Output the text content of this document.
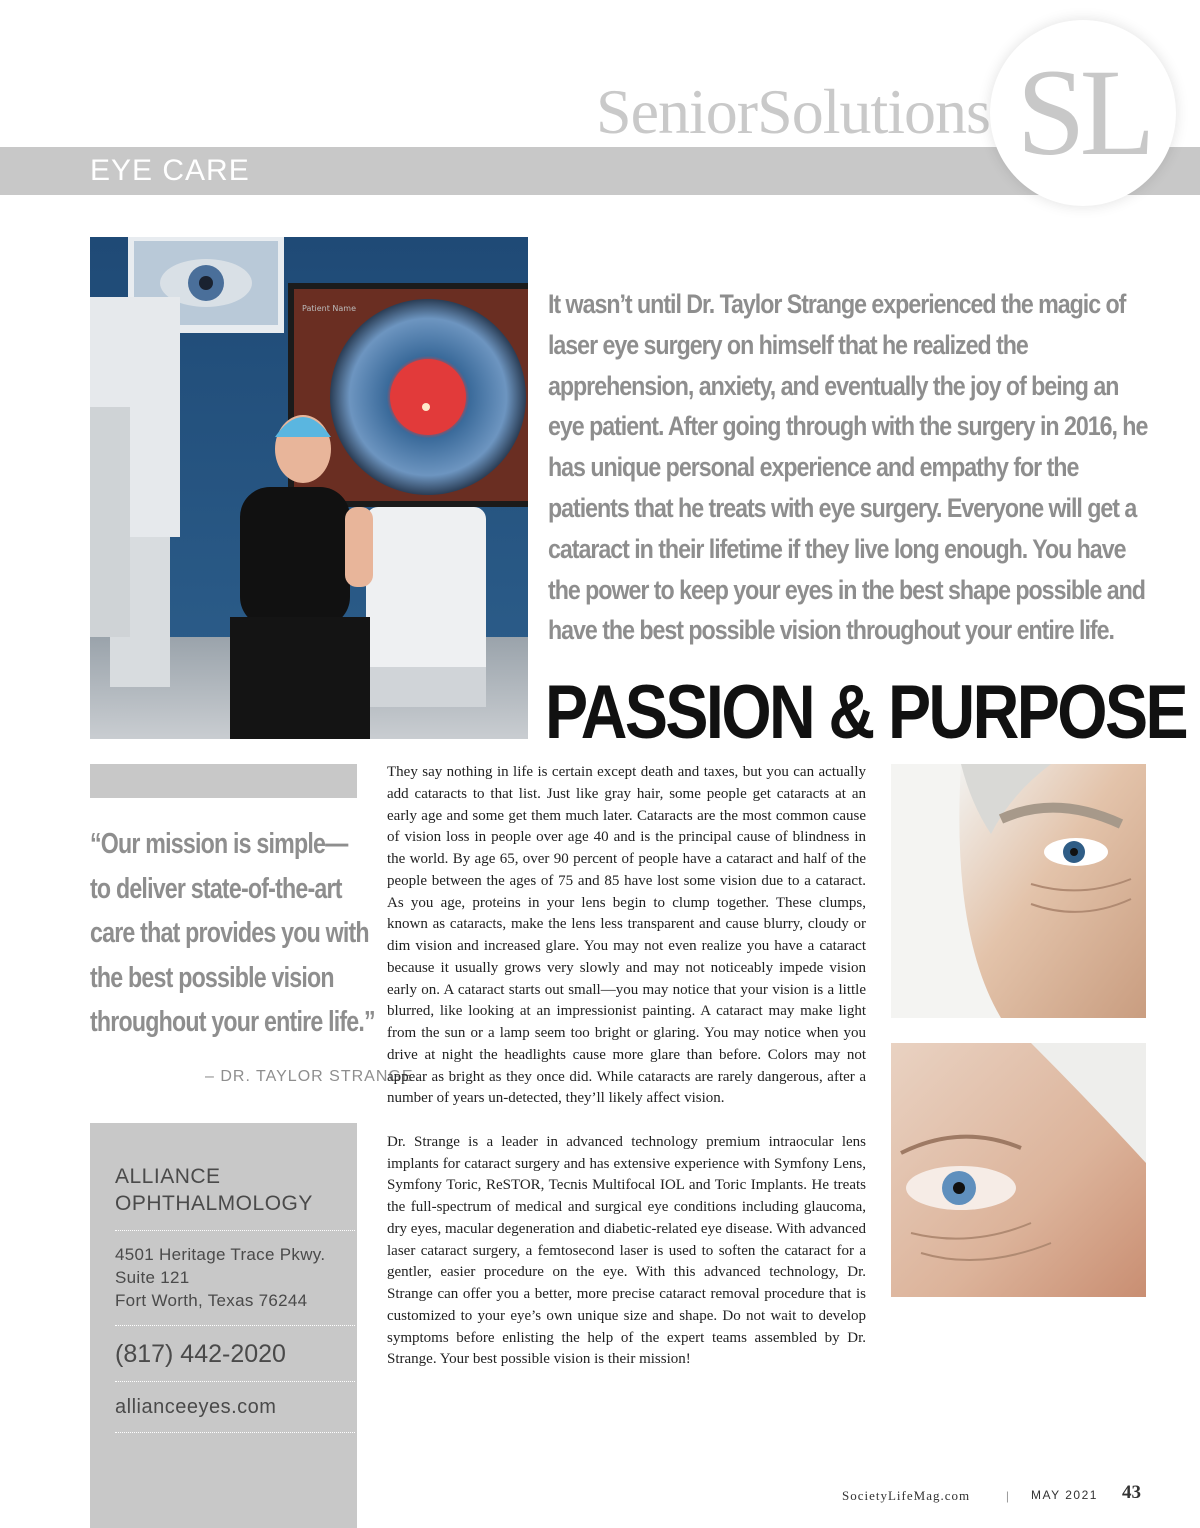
SeniorSolutions
EYE CARE	SL
Patient Name	It wasn’t until Dr. Taylor Strange experienced the magic of laser eye surgery on himself that he realized the apprehension, anxiety, and eventually the joy of being an eye patient. After going through with the surgery in 2016, he has unique personal experience and empathy for the patients that he treats with eye surgery. Everyone will get a cataract in their lifetime if they live long enough. You have the power to keep your eyes in the best shape possible and have the best possible vision throughout your entire life.
PASSION & PURPOSE
“Our mission is simple—
to deliver state-of-the-art
care that provides you with
the best possible vision
throughout your entire life.”
– DR. TAYLOR STRANGE
ALLIANCE
OPHTHALMOLOGY
4501 Heritage Trace Pkwy.
Suite 121
Fort Worth, Texas 76244
(817) 442-2020
allianceeyes.com

They say nothing in life is certain except death and taxes, but you can actually add cataracts to that list. Just like gray hair, some people get cataracts at an early age and some get them much later. Cataracts are the most common cause of vision loss in people over age 40 and is the principal cause of blindness in the world. By age 65, over 90 percent of people have a cataract and half of the people between the ages of 75 and 85 have lost some vision due to a cataract. As you age, proteins in your lens begin to clump together. These clumps, known as cataracts, make the lens less transparent and cause blurry, cloudy or dim vision and increased glare. You may not even realize you have a cataract because it usually grows very slowly and may not noticeably impede vision early on. A cataract starts out small—you may notice that your vision is a little blurred, like looking at an impressionist painting. A cataract may make light from the sun or a lamp seem too bright or glaring. You may notice when you drive at night the headlights cause more glare than before. Colors may not appear as bright as they once did. While cataracts are rarely dangerous, after a number of years un-detected, they’ll likely affect vision.

Dr. Strange is a leader in advanced technology premium intraocular lens implants for cataract surgery and has extensive experience with Symfony Lens, Symfony Toric, ReSTOR, Tecnis Multifocal IOL and Toric Implants. He treats the full-spectrum of medical and surgical eye conditions including glaucoma, dry eyes, macular degeneration and diabetic-related eye disease. With advanced laser cataract surgery, a femtosecond laser is used to soften the cataract for a gentler, easier procedure on the eye. With this advanced technology, Dr. Strange can offer you a better, more precise cataract removal procedure that is customized to your eye’s own unique size and shape. Do not wait to develop symptoms before enlisting the help of the expert teams assembled by Dr. Strange. Your best possible vision is their mission!

SocietyLifeMag.com	| MAY 2021 43
